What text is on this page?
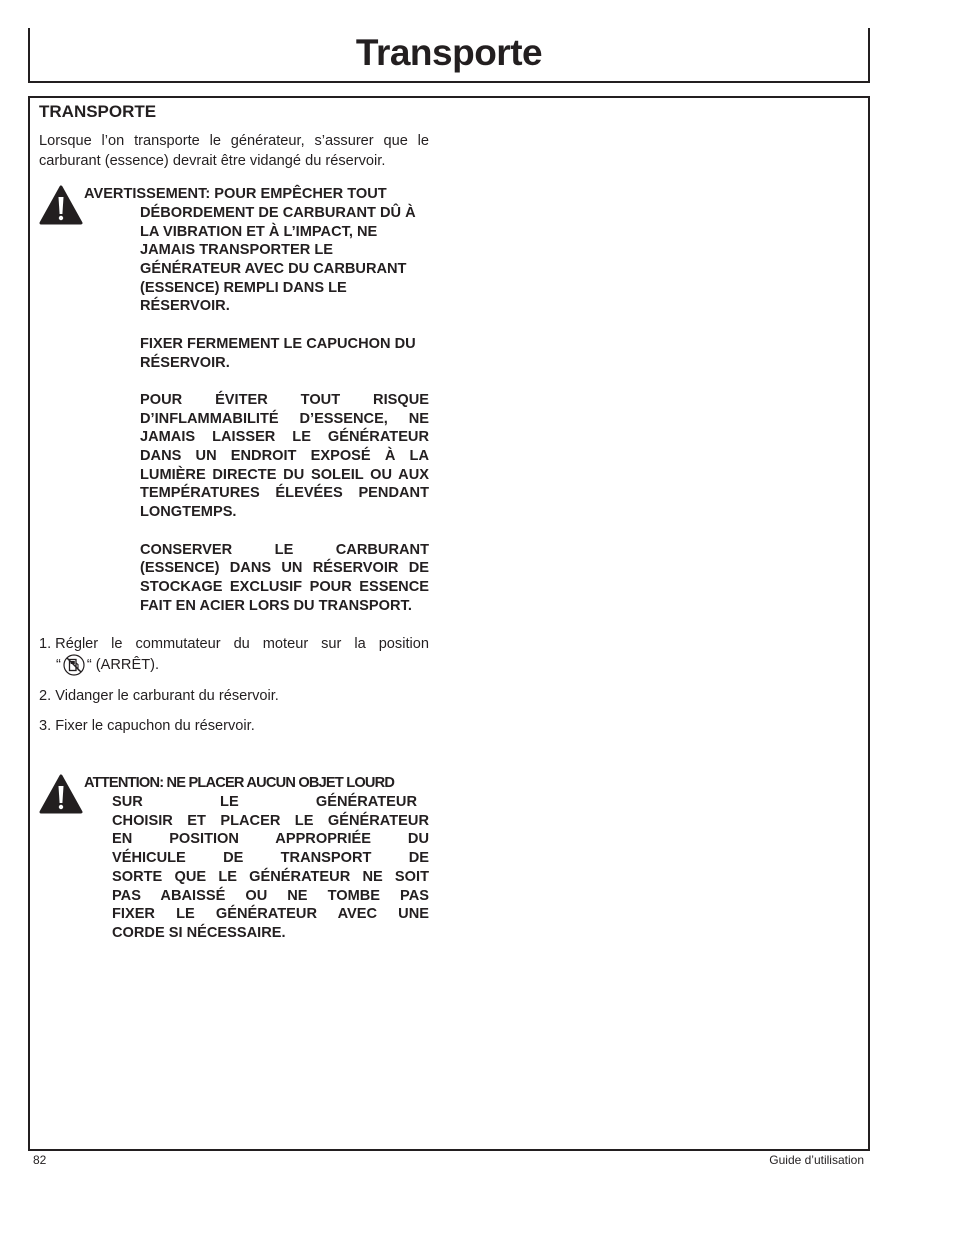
Transporte
TRANSPORTE

Lorsque l’on transporte le générateur, s’assurer que le carburant (essence) devrait être vidangé du réservoir.

AVERTISSEMENT: POUR EMPÊCHER TOUT

DÉBORDEMENT DE CARBURANT DÛ À LA VIBRATION ET À L’IMPACT, NE JAMAIS TRANSPORTER LE GÉNÉRATEUR AVEC DU CARBURANT (ESSENCE) REMPLI DANS LE RÉSERVOIR.

FIXER FERMEMENT LE CAPUCHON DU RÉSERVOIR.

POUR ÉVITER TOUT RISQUE D’INFLAMMABILITÉ D’ESSENCE, NE JAMAIS LAISSER LE GÉNÉRATEUR DANS UN ENDROIT EXPOSÉ À LA LUMIÈRE DIRECTE DU SOLEIL OU AUX TEMPÉRATURES ÉLEVÉES PENDANT LONGTEMPS.

CONSERVER LE CARBURANT (ESSENCE) DANS UN RÉSERVOIR DE STOCKAGE EXCLUSIF POUR ESSENCE FAIT EN ACIER LORS DU TRANSPORT.

1. Régler le commutateur du moteur sur la position
“ “ (ARRÊT).
2. Vidanger le carburant du réservoir.
3. Fixer le capuchon du réservoir.

ATTENTION: NE PLACER AUCUN OBJET LOURD

SUR LE GÉNÉRATEUR
CHOISIR ET PLACER LE GÉNÉRATEUR
EN POSITION APPROPRIÉE DU
VÉHICULE DE TRANSPORT DE
SORTE QUE LE GÉNÉRATEUR NE SOIT
PAS ABAISSÉ OU NE TOMBE PAS
FIXER LE GÉNÉRATEUR AVEC UNE
CORDE SI NÉCESSAIRE.
82	Guide d’utilisation
